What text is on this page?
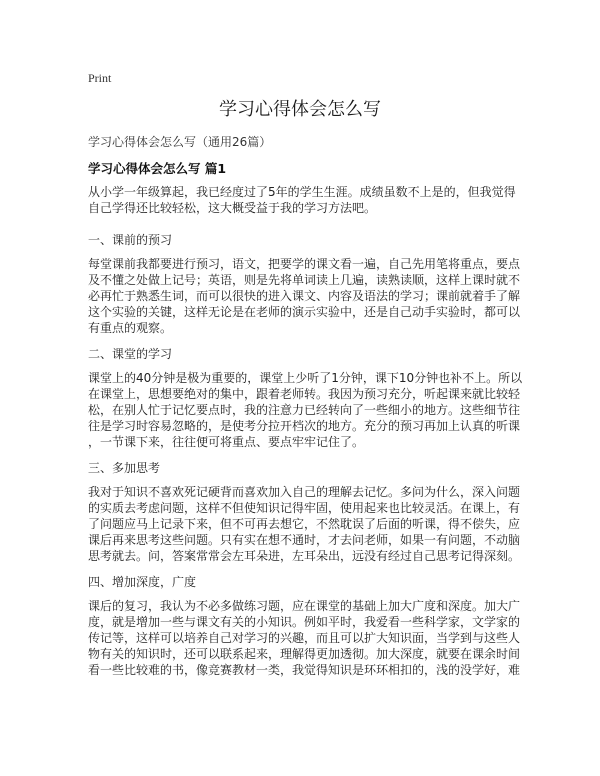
Print
学习心得体会怎么写
学习心得体会怎么写（通用26篇）
学习心得体会怎么写 篇1

从小学一年级算起，我已经度过了5年的学生生涯。成绩虽数不上是的，但我觉得
自己学得还比较轻松，这大概受益于我的学习方法吧。

一、课前的预习

每堂课前我都要进行预习，语文，把要学的课文看一遍，自己先用笔将重点，要点
及不懂之处做上记号；英语，则是先将单词读上几遍，读熟读顺，这样上课时就不
必再忙于熟悉生词，而可以很快的进入课文、内容及语法的学习；课前就着手了解
这个实验的关键，这样无论是在老师的演示实验中，还是自己动手实验时，都可以
有重点的观察。

二、课堂的学习

课堂上的40分钟是极为重要的，课堂上少听了1分钟，课下10分钟也补不上。所以
在课堂上，思想要绝对的集中，跟着老师转。我因为预习充分，听起课来就比较轻
松，在别人忙于记忆要点时，我的注意力已经转向了一些细小的地方。这些细节往
往是学习时容易忽略的，是使考分拉开档次的地方。充分的预习再加上认真的听课
，一节课下来，往往便可将重点、要点牢牢记住了。

三、多加思考

我对于知识不喜欢死记硬背而喜欢加入自己的理解去记忆。多问为什么，深入问题
的实质去考虑问题，这样不但使知识记得牢固，使用起来也比较灵活。在课上，有
了问题应马上记录下来，但不可再去想它，不然耽误了后面的听课，得不偿失，应
课后再来思考这些问题。只有实在想不通时，才去问老师，如果一有问题，不动脑
思考就去。问，答案常常会左耳朵进，左耳朵出，远没有经过自己思考记得深刻。

四、增加深度，广度

课后的复习，我认为不必多做练习题，应在课堂的基础上加大广度和深度。加大广
度，就是增加一些与课文有关的小知识。例如平时，我爱看一些科学家，文学家的
传记等，这样可以培养自己对学习的兴趣，而且可以扩大知识面，当学到与这些人
物有关的知识时，还可以联系起来，理解得更加透彻。加大深度，就要在课余时间
看一些比较难的书，像竞赛教材一类，我觉得知识是环环相扣的，浅的没学好，难
